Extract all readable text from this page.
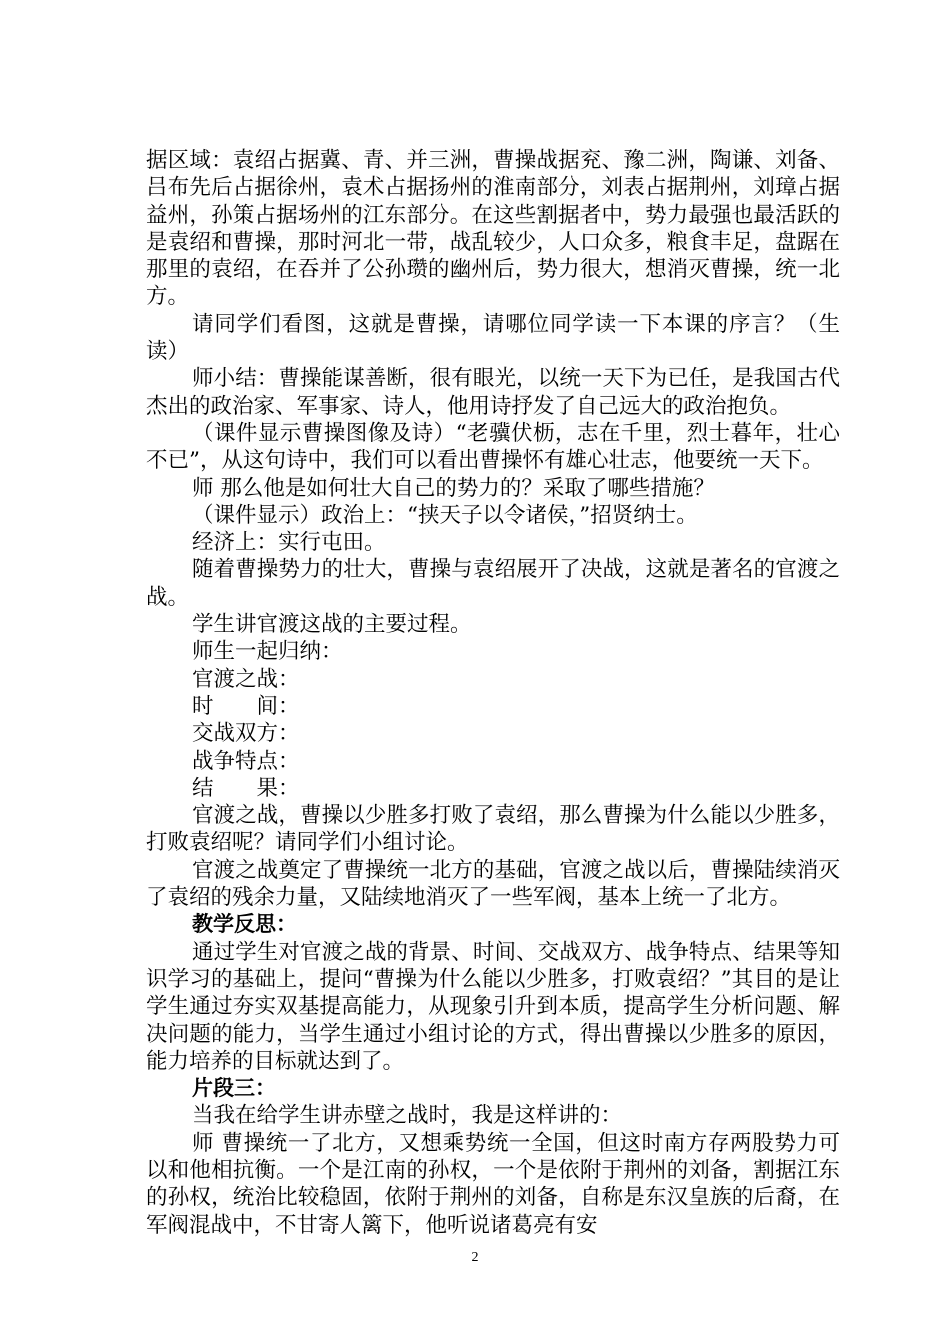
据区域：袁绍占据冀、青、并三洲，曹操战据兖、豫二洲，陶谦、刘备、吕布先后占据徐州，袁术占据扬州的淮南部分，刘表占据荆州，刘璋占据益州，孙策占据场州的江东部分。在这些割据者中，势力最强也最活跃的是袁绍和曹操，那时河北一带，战乱较少，人口众多，粮食丰足，盘踞在那里的袁绍，在吞并了公孙瓒的幽州后，势力很大，想消灭曹操，统一北方。

请同学们看图，这就是曹操，请哪位同学读一下本课的序言？（生读）

师小结：曹操能谋善断，很有眼光，以统一天下为已任，是我国古代杰出的政治家、军事家、诗人，他用诗抒发了自己远大的政治抱负。

（课件显示曹操图像及诗）“老骥伏枥，志在千里，烈士暮年，壮心不已”，从这句诗中，我们可以看出曹操怀有雄心壮志，他要统一天下。

师 那么他是如何壮大自己的势力的？采取了哪些措施？

（课件显示）政治上：“挟天子以令诸侯，”招贤纳士。

经济上：实行屯田。

随着曹操势力的壮大，曹操与袁绍展开了决战，这就是著名的官渡之战。

学生讲官渡这战的主要过程。

师生一起归纳：

官渡之战：

时　　间：

交战双方：

战争特点：

结　　果：

官渡之战，曹操以少胜多打败了袁绍，那么曹操为什么能以少胜多，打败袁绍呢？请同学们小组讨论。

官渡之战奠定了曹操统一北方的基础，官渡之战以后，曹操陆续消灭了袁绍的残余力量，又陆续地消灭了一些军阀，基本上统一了北方。

教学反思：

通过学生对官渡之战的背景、时间、交战双方、战争特点、结果等知识学习的基础上，提问“曹操为什么能以少胜多，打败袁绍？”其目的是让学生通过夯实双基提高能力，从现象引升到本质，提高学生分析问题、解决问题的能力，当学生通过小组讨论的方式，得出曹操以少胜多的原因，能力培养的目标就达到了。

片段三：

当我在给学生讲赤壁之战时，我是这样讲的：

师 曹操统一了北方，又想乘势统一全国，但这时南方存两股势力可以和他相抗衡。一个是江南的孙权，一个是依附于荆州的刘备，割据江东的孙权，统治比较稳固，依附于荆州的刘备，自称是东汉皇族的后裔，在军阀混战中，不甘寄人篱下，他听说诸葛亮有安

2
